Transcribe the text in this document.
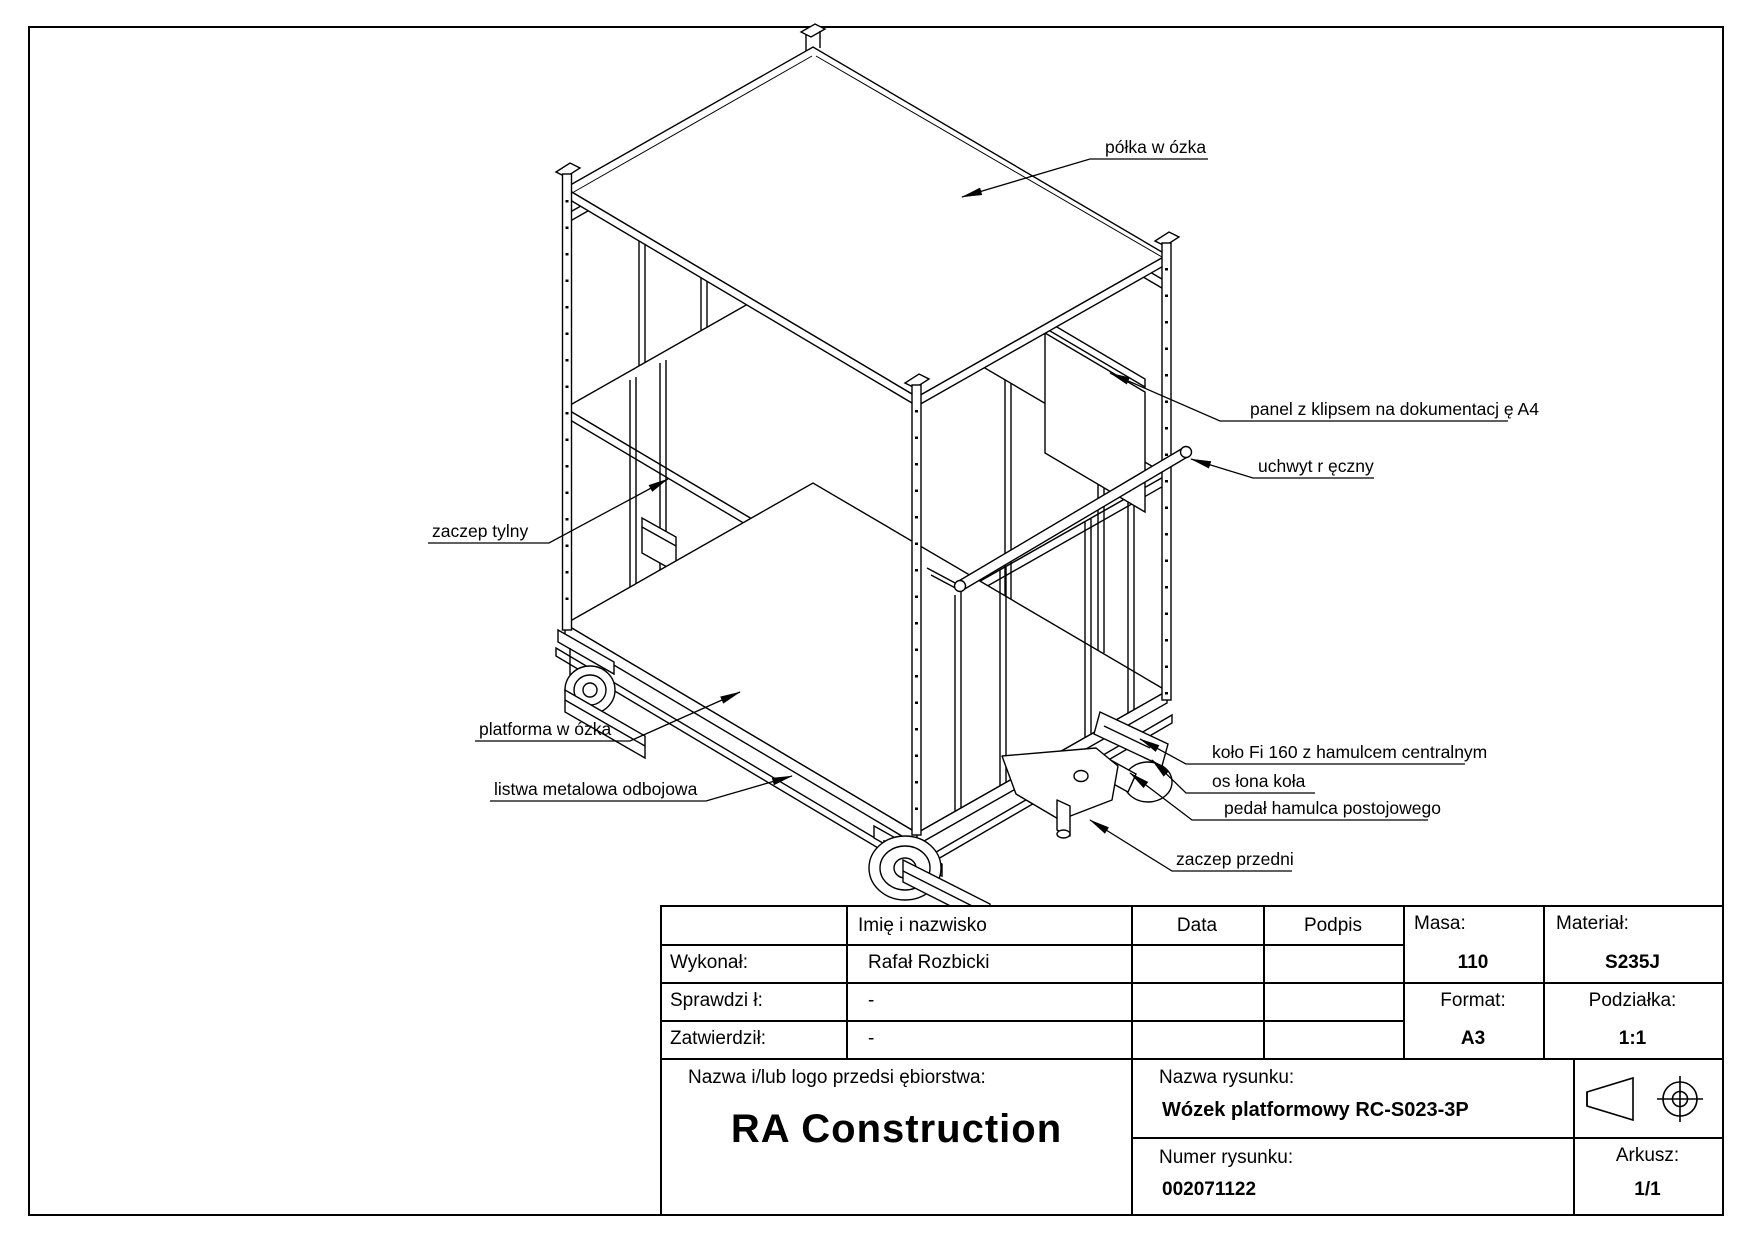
półka w ózka
panel z klipsem na dokumentacj ę A4
uchwyt r ęczny
zaczep tylny
platforma w ózka
listwa metalowa odbojowa
koło Fi 160 z hamulcem centralnym
os łona koła
pedał hamulca postojowego
zaczep przedni
Imię i nazwisko	Data	Podpis
Wykonał:	Rafał Rozbicki
Sprawdzi ł:	-
Zatwierdził:	-
Masa:
110
Materiał:
S235J
Format:
A3
Podziałka:
1:1
Nazwa i/lub logo przedsi ębiorstwa:
RA Construction
Nazwa rysunku:
Wózek platformowy RC-S023-3P
Numer rysunku:
002071122
Arkusz:
1/1
